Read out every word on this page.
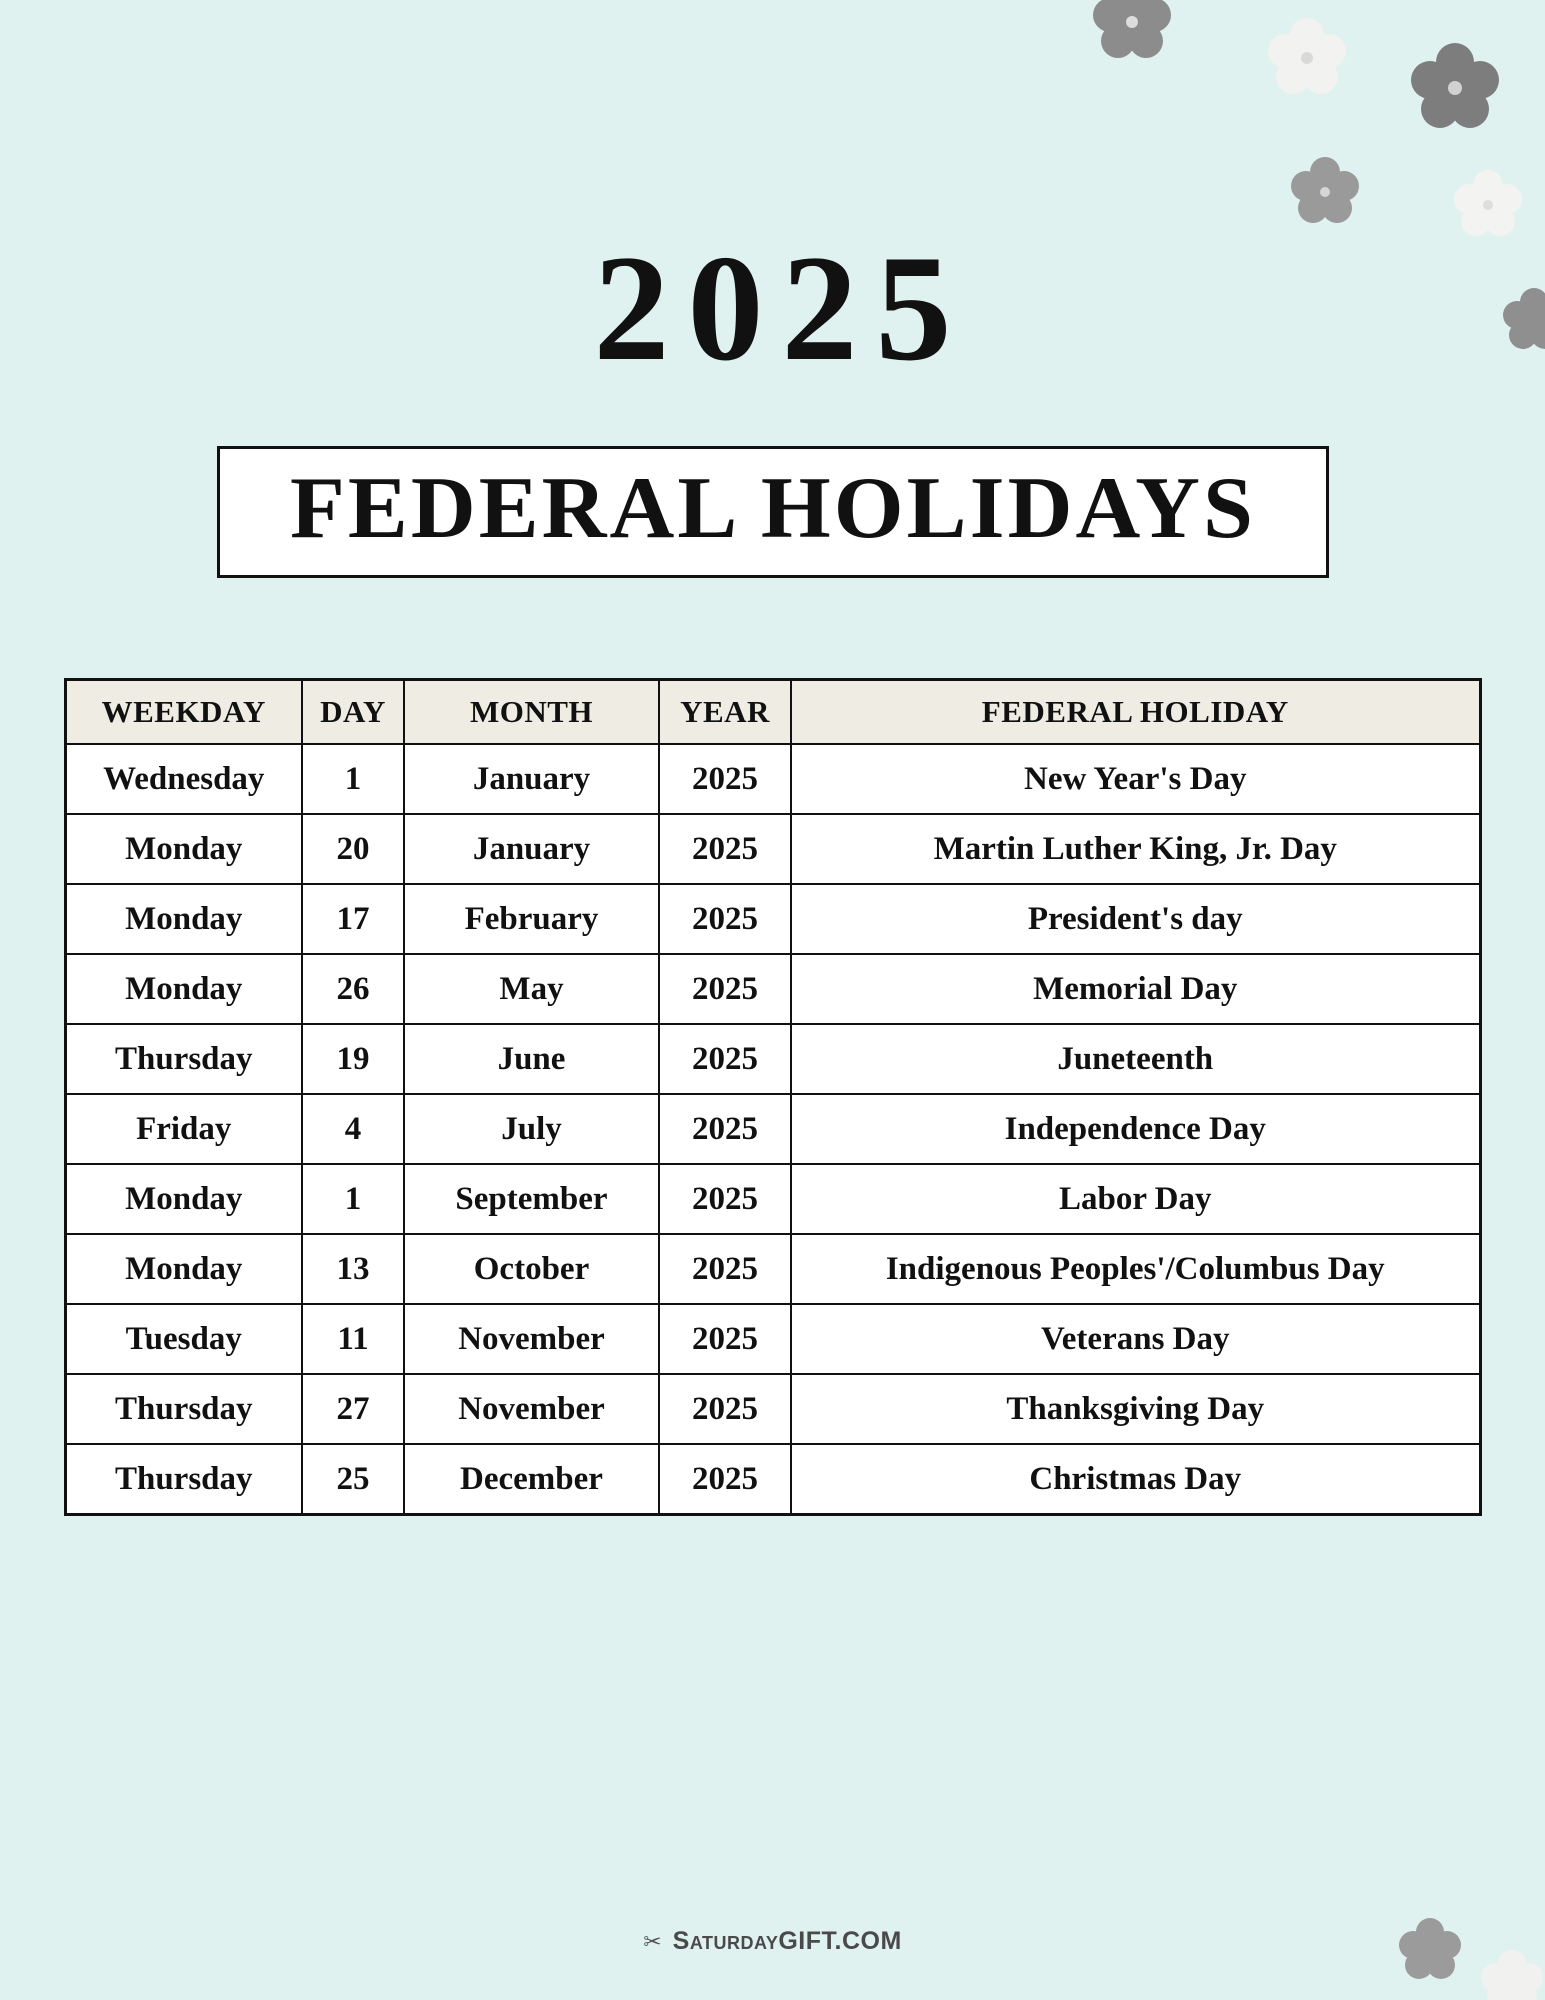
2025
FEDERAL HOLIDAYS
WEEKDAY	DAY	MONTH	YEAR	FEDERAL HOLIDAY
Wednesday	1	January	2025	New Year's Day
Monday	20	January	2025	Martin Luther King, Jr. Day
Monday	17	February	2025	President's day
Monday	26	May	2025	Memorial Day
Thursday	19	June	2025	Juneteenth
Friday	4	July	2025	Independence Day
Monday	1	September	2025	Labor Day
Monday	13	October	2025	Indigenous Peoples'/Columbus Day
Tuesday	11	November	2025	Veterans Day
Thursday	27	November	2025	Thanksgiving Day
Thursday	25	December	2025	Christmas Day
✂ SATURDAYGIFT.COM
